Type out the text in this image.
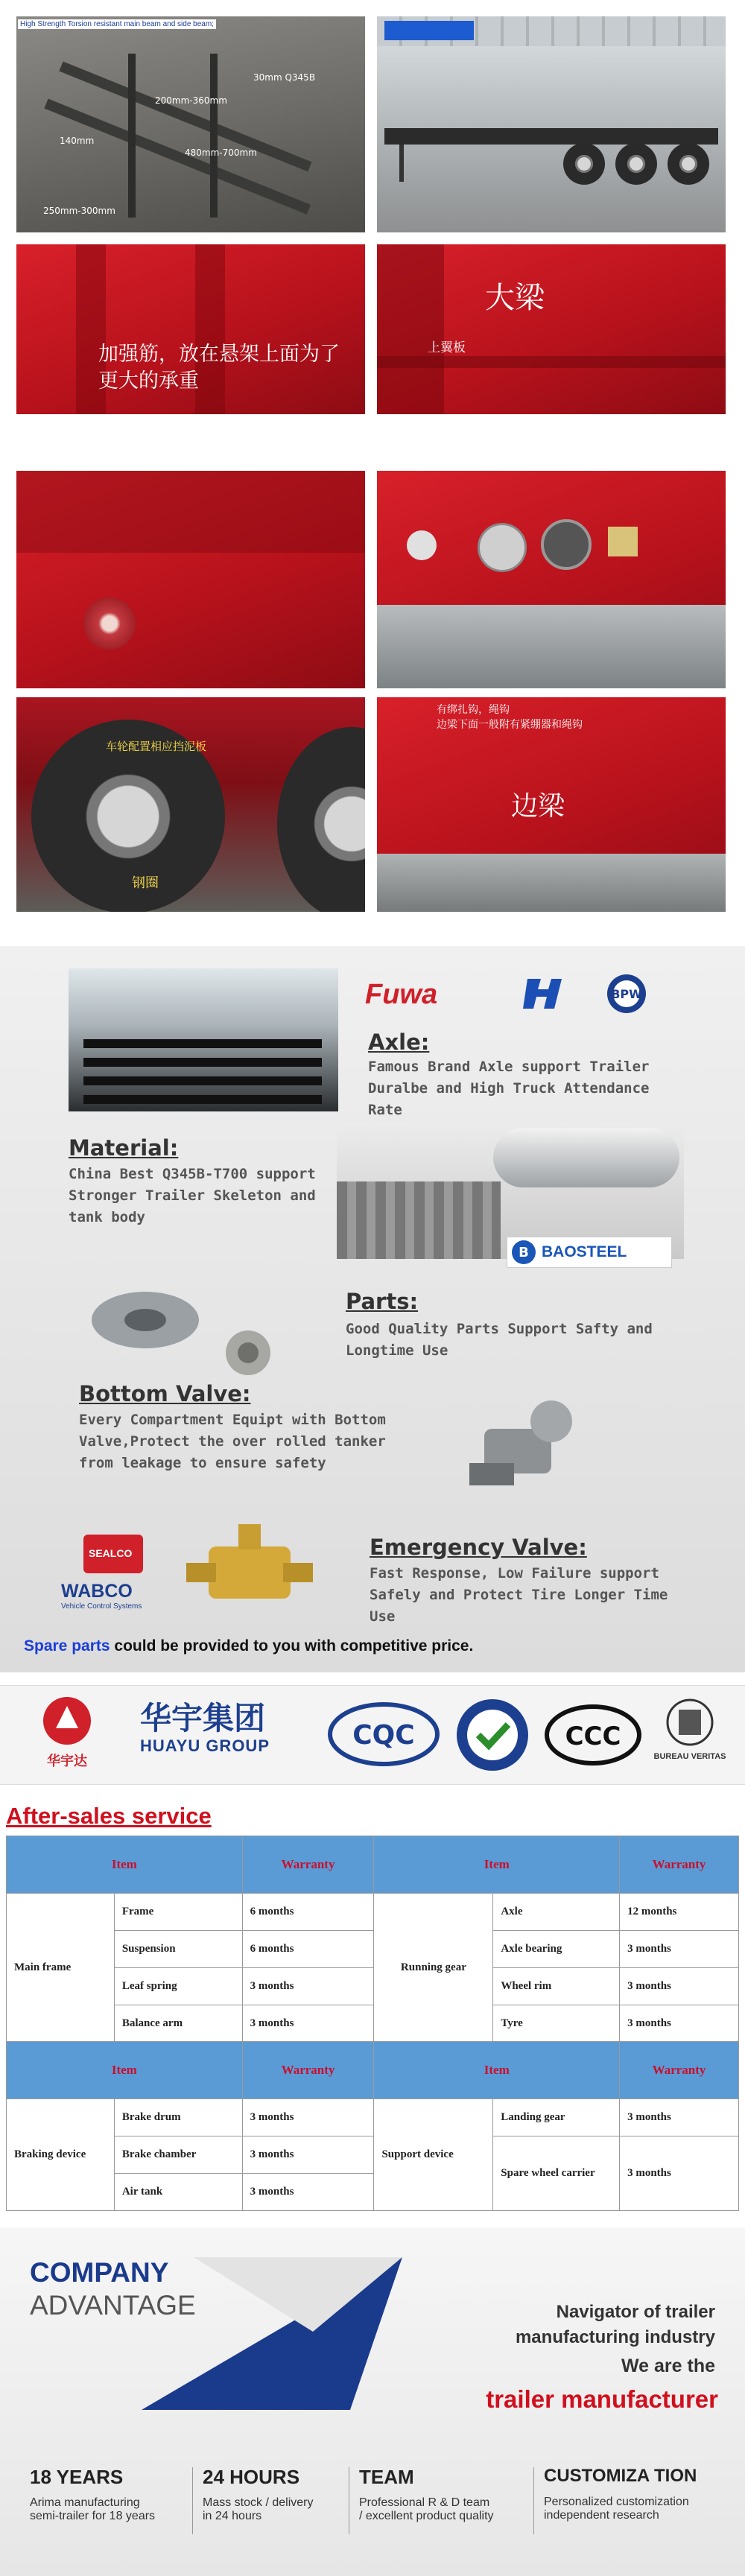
High Strength Torsion resistant main beam and side beam;
30mm Q345B
200mm-360mm
140mm
480mm-700mm
250mm-300mm
加强筋，放在悬架上面为了更大的承重
大梁
上翼板
车轮配置相应挡泥板
钢圈
有绑扎钩，绳钩
边梁下面一般附有紧绷器和绳钩
边梁
Fuwa	BPW
Axle:
Famous Brand Axle support Trailer Duralbe and High Truck Attendance Rate
Material:
China Best Q345B-T700 support Stronger Trailer Skeleton and tank body
B BAOSTEEL
Parts:
Good Quality Parts Support Safty and Longtime Use
Bottom Valve:
Every Compartment Equipt with Bottom Valve,Protect the over rolled tanker from leakage to ensure safety
SEALCO
WABCO
Vehicle Control Systems
Emergency Valve:
Fast Response, Low Failure support Safely and Protect Tire Longer Time Use
Spare parts could be provided to you with competitive price.
华宇达
华宇集团
HUAYU GROUP	CQC	CCC
BUREAU VERITAS
After-sales service
Item		Warranty	Item		Warranty
Main frame	Frame	6 months	Running gear	Axle	12 months
	Suspension	6 months		Axle bearing	3 months
	Leaf spring	3 months		Wheel rim	3 months
	Balance arm	3 months		Tyre	3 months
Item		Warranty	Item		Warranty
Braking device	Brake drum	3 months	Support device	Landing gear	3 months
	Brake chamber	3 months		Spare wheel carrier	3 months
	Air tank	3 months			
COMPANY
ADVANTAGE	Navigator of trailer
manufacturing industry
We are the
trailer manufacturer
18 YEARS
Arima manufacturing
semi-trailer for 18 years
24 HOURS
Mass stock / delivery
in 24 hours
TEAM
Professional R & D team
/ excellent product quality
CUSTOMIZA TION
Personalized customization
independent research
